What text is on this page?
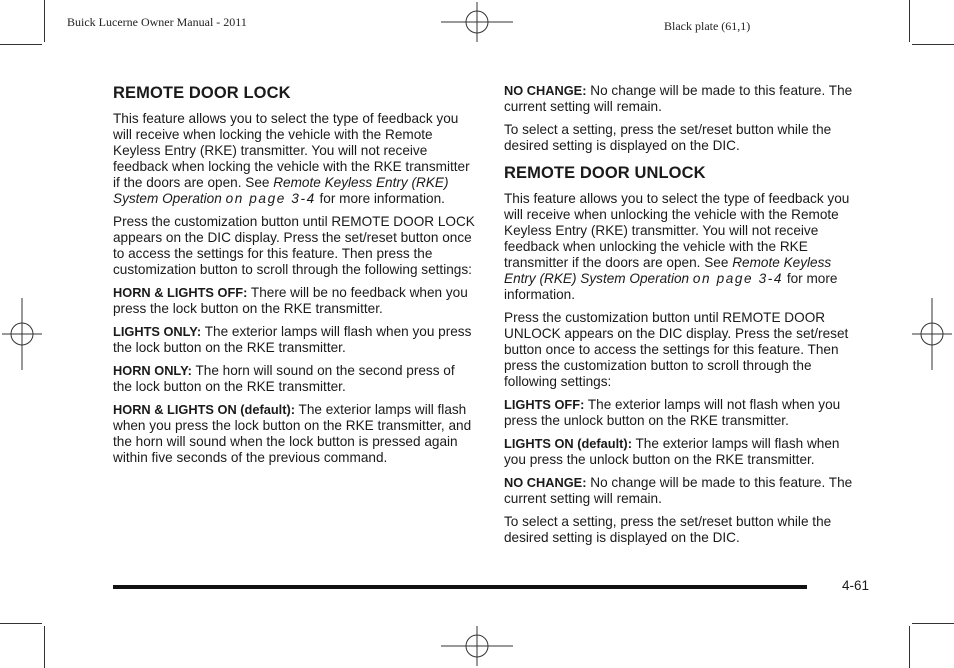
Buick Lucerne Owner Manual - 2011	Black plate (61,1)
REMOTE DOOR LOCK

This feature allows you to select the type of feedback you will receive when locking the vehicle with the Remote Keyless Entry (RKE) transmitter. You will not receive feedback when locking the vehicle with the RKE transmitter if the doors are open. See Remote Keyless Entry (RKE) System Operation on page 3‑4 for more information.

Press the customization button until REMOTE DOOR LOCK appears on the DIC display. Press the set/reset button once to access the settings for this feature. Then press the customization button to scroll through the following settings:

HORN & LIGHTS OFF: There will be no feedback when you press the lock button on the RKE transmitter.

LIGHTS ONLY: The exterior lamps will flash when you press the lock button on the RKE transmitter.

HORN ONLY: The horn will sound on the second press of the lock button on the RKE transmitter.

HORN & LIGHTS ON (default): The exterior lamps will flash when you press the lock button on the RKE transmitter, and the horn will sound when the lock button is pressed again within five seconds of the previous command.

NO CHANGE: No change will be made to this feature. The current setting will remain.

To select a setting, press the set/reset button while the desired setting is displayed on the DIC.

REMOTE DOOR UNLOCK

This feature allows you to select the type of feedback you will receive when unlocking the vehicle with the Remote Keyless Entry (RKE) transmitter. You will not receive feedback when unlocking the vehicle with the RKE transmitter if the doors are open. See Remote Keyless Entry (RKE) System Operation on page 3‑4 for more information.

Press the customization button until REMOTE DOOR UNLOCK appears on the DIC display. Press the set/reset button once to access the settings for this feature. Then press the customization button to scroll through the following settings:

LIGHTS OFF: The exterior lamps will not flash when you press the unlock button on the RKE transmitter.

LIGHTS ON (default): The exterior lamps will flash when you press the unlock button on the RKE transmitter.

NO CHANGE: No change will be made to this feature. The current setting will remain.

To select a setting, press the set/reset button while the desired setting is displayed on the DIC.

4-61
